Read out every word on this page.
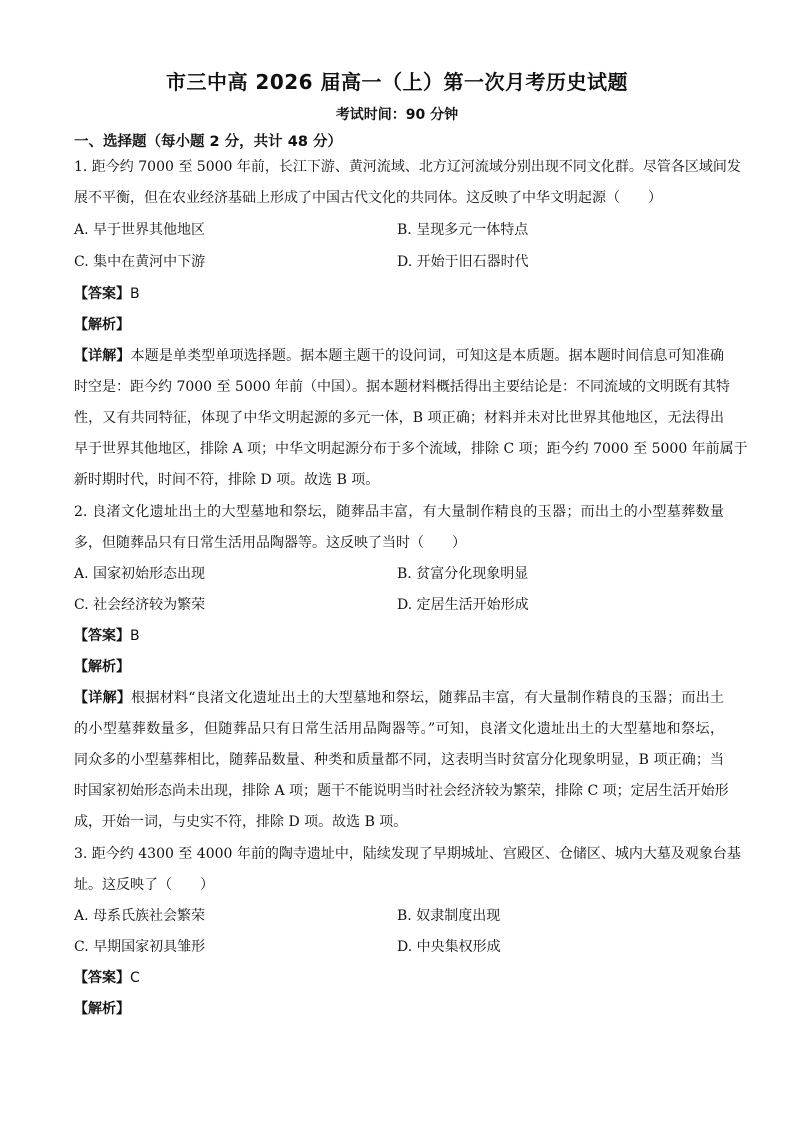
市三中高 2026 届高一（上）第一次月考历史试题
考试时间：90 分钟
一、选择题（每小题 2 分，共计 48 分）
1. 距今约 7000 至 5000 年前，长江下游、黄河流域、北方辽河流域分别出现不同文化群。尽管各区域间发
展不平衡，但在农业经济基础上形成了中国古代文化的共同体。这反映了中华文明起源（　　）
A. 早于世界其他地区	B. 呈现多元一体特点
C. 集中在黄河中下游	D. 开始于旧石器时代
【答案】B
【解析】
【详解】本题是单类型单项选择题。据本题主题干的设问词，可知这是本质题。据本题时间信息可知准确
时空是：距今约 7000 至 5000 年前（中国）。据本题材料概括得出主要结论是：不同流域的文明既有其特
性，又有共同特征，体现了中华文明起源的多元一体，B 项正确；材料并未对比世界其他地区，无法得出
早于世界其他地区，排除 A 项；中华文明起源分布于多个流域，排除 C 项；距今约 7000 至 5000 年前属于
新时期时代，时间不符，排除 D 项。故选 B 项。
2. 良渚文化遗址出土的大型墓地和祭坛，随葬品丰富，有大量制作精良的玉器；而出土的小型墓葬数量
多，但随葬品只有日常生活用品陶器等。这反映了当时（　　）
A. 国家初始形态出现	B. 贫富分化现象明显
C. 社会经济较为繁荣	D. 定居生活开始形成
【答案】B
【解析】
【详解】根据材料“良渚文化遗址出土的大型墓地和祭坛，随葬品丰富，有大量制作精良的玉器；而出土
的小型墓葬数量多，但随葬品只有日常生活用品陶器等。”可知，良渚文化遗址出土的大型墓地和祭坛，
同众多的小型墓葬相比，随葬品数量、种类和质量都不同，这表明当时贫富分化现象明显，B 项正确；当
时国家初始形态尚未出现，排除 A 项；题干不能说明当时社会经济较为繁荣，排除 C 项；定居生活开始形
成，开始一词，与史实不符，排除 D 项。故选 B 项。
3. 距今约 4300 至 4000 年前的陶寺遗址中，陆续发现了早期城址、宫殿区、仓储区、城内大墓及观象台基
址。这反映了（　　）
A. 母系氏族社会繁荣	B. 奴隶制度出现
C. 早期国家初具雏形	D. 中央集权形成
【答案】C
【解析】
